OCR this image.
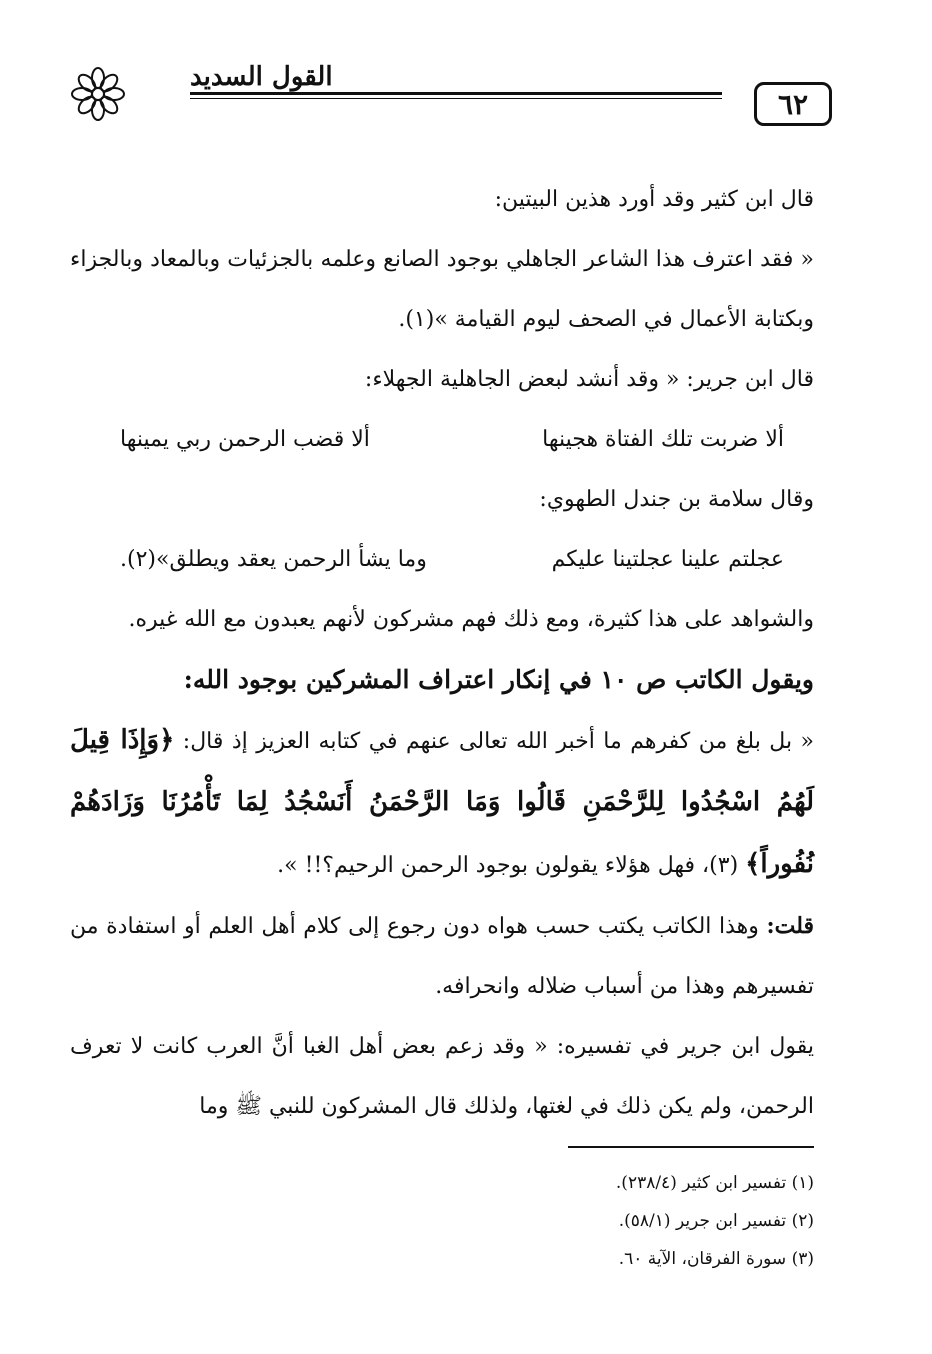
القول السديد
٦٢

قال ابن كثير وقد أورد هذين البيتين:

« فقد اعترف هذا الشاعر الجاهلي بوجود الصانع وعلمه بالجزئيات وبالمعاد وبالجزاء وبكتابة الأعمال في الصحف ليوم القيامة »(١).

قال ابن جرير: « وقد أنشد لبعض الجاهلية الجهلاء:

ألا ضربت تلك الفتاة هجينها
ألا قضب الرحمن ربي يمينها

وقال سلامة بن جندل الطهوي:

عجلتم علينا عجلتينا عليكم
وما يشأ الرحمن يعقد ويطلق»(٢).

والشواهد على هذا كثيرة، ومع ذلك فهم مشركون لأنهم يعبدون مع الله غيره.

ويقول الكاتب ص ١٠ في إنكار اعتراف المشركين بوجود الله:

« بل بلغ من كفرهم ما أخبر الله تعالى عنهم في كتابه العزيز إذ قال: ﴿وَإِذَا قِيلَ لَهُمُ اسْجُدُوا لِلرَّحْمَنِ قَالُوا وَمَا الرَّحْمَنُ أَنَسْجُدُ لِمَا تَأْمُرُنَا وَزَادَهُمْ نُفُوراً﴾ (٣)، فهل هؤلاء يقولون بوجود الرحمن الرحيم؟!! ».

قلت: وهذا الكاتب يكتب حسب هواه دون رجوع إلى كلام أهل العلم أو استفادة من تفسيرهم وهذا من أسباب ضلاله وانحرافه.

يقول ابن جرير في تفسيره: « وقد زعم بعض أهل الغبا أنَّ العرب كانت لا تعرف الرحمن، ولم يكن ذلك في لغتها، ولذلك قال المشركون للنبي ﷺ وما

(١) تفسير ابن كثير (٢٣٨/٤).
(٢) تفسير ابن جرير (٥٨/١).
(٣) سورة الفرقان، الآية ٦٠.
